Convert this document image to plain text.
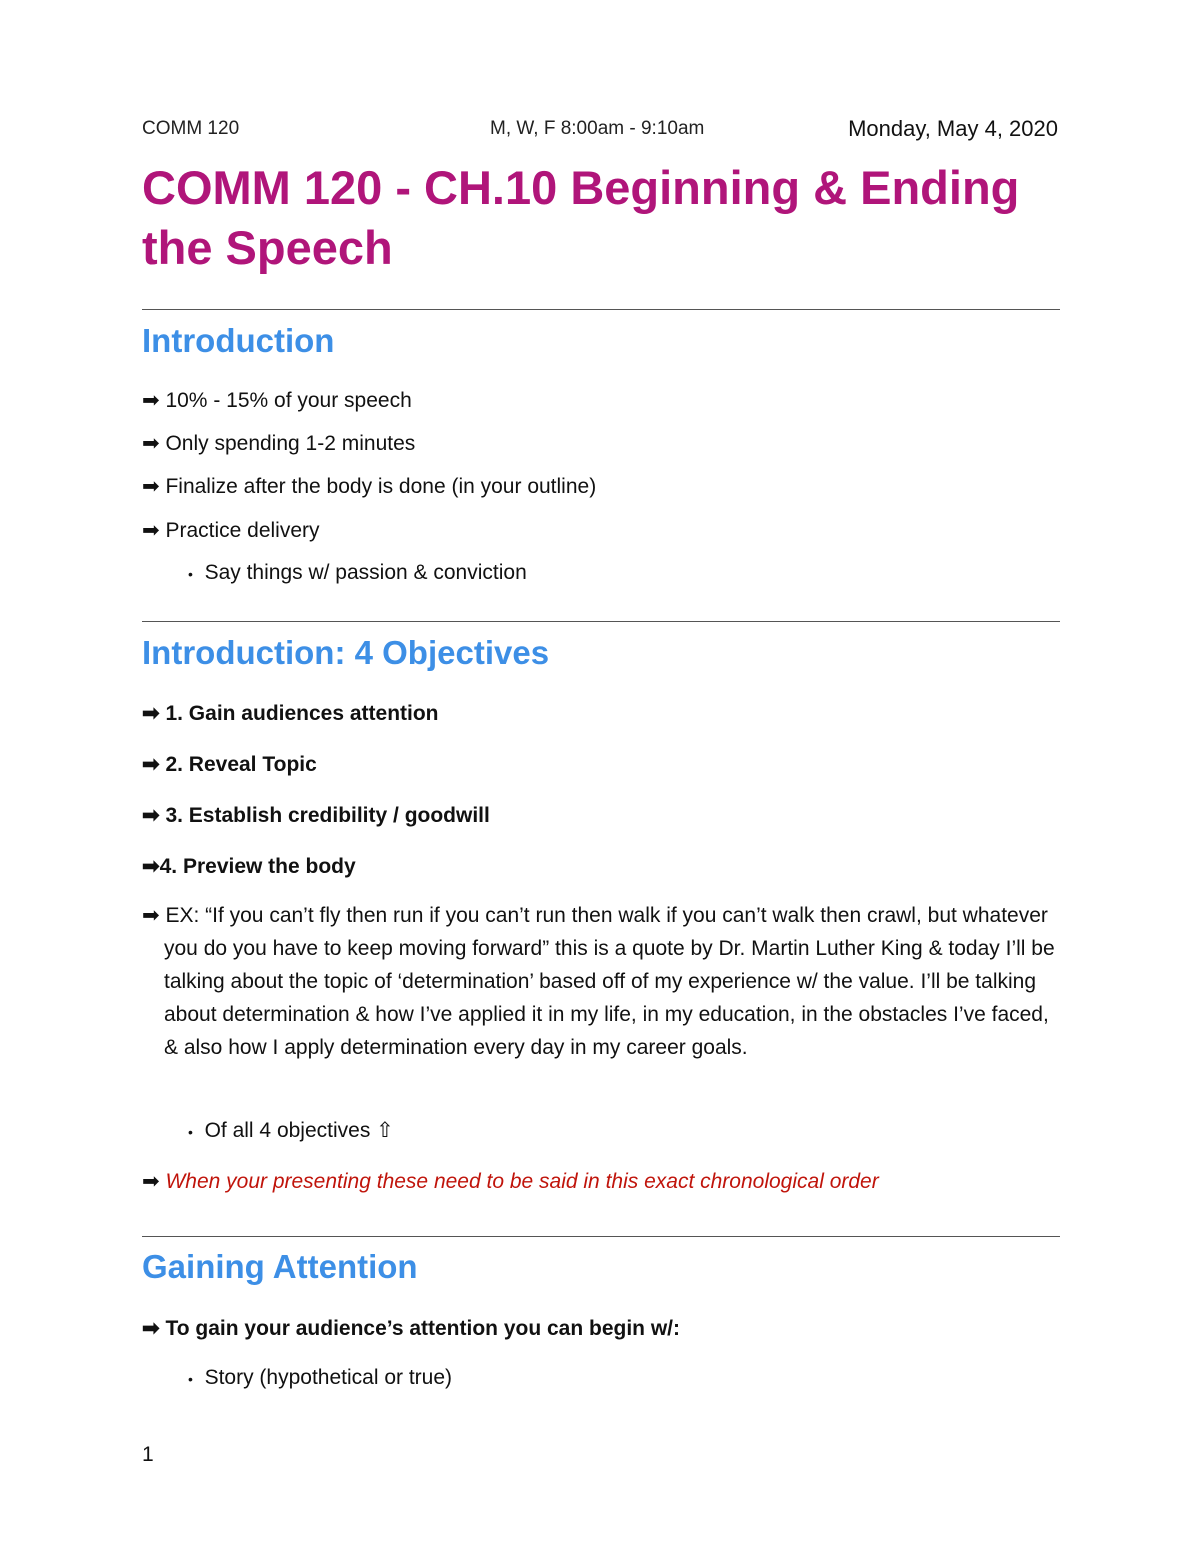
COMM 120	M, W, F 8:00am - 9:10am	Monday, May 4, 2020
COMM 120 - CH.10 Beginning & Ending the Speech
Introduction
➡ 10% - 15% of your speech
➡ Only spending 1-2 minutes
➡ Finalize after the body is done (in your outline)
➡ Practice delivery
• Say things w/ passion & conviction
Introduction: 4 Objectives
➡ 1. Gain audiences attention
➡ 2. Reveal Topic
➡ 3. Establish credibility / goodwill
➡4. Preview the body
➡ EX: “If you can’t fly then run if you can’t run then walk if you can’t walk then crawl, but whatever you do you have to keep moving forward” this is a quote by Dr. Martin Luther King & today I’ll be talking about the topic of ‘determination’ based off of my experience w/ the value. I’ll be talking about determination & how I’ve applied it in my life, in my education, in the obstacles I’ve faced, & also how I apply determination every day in my career goals.
• Of all 4 objectives ⇧
➡ When your presenting these need to be said in this exact chronological order
Gaining Attention
➡ To gain your audience’s attention you can begin w/:
• Story (hypothetical or true)
1
